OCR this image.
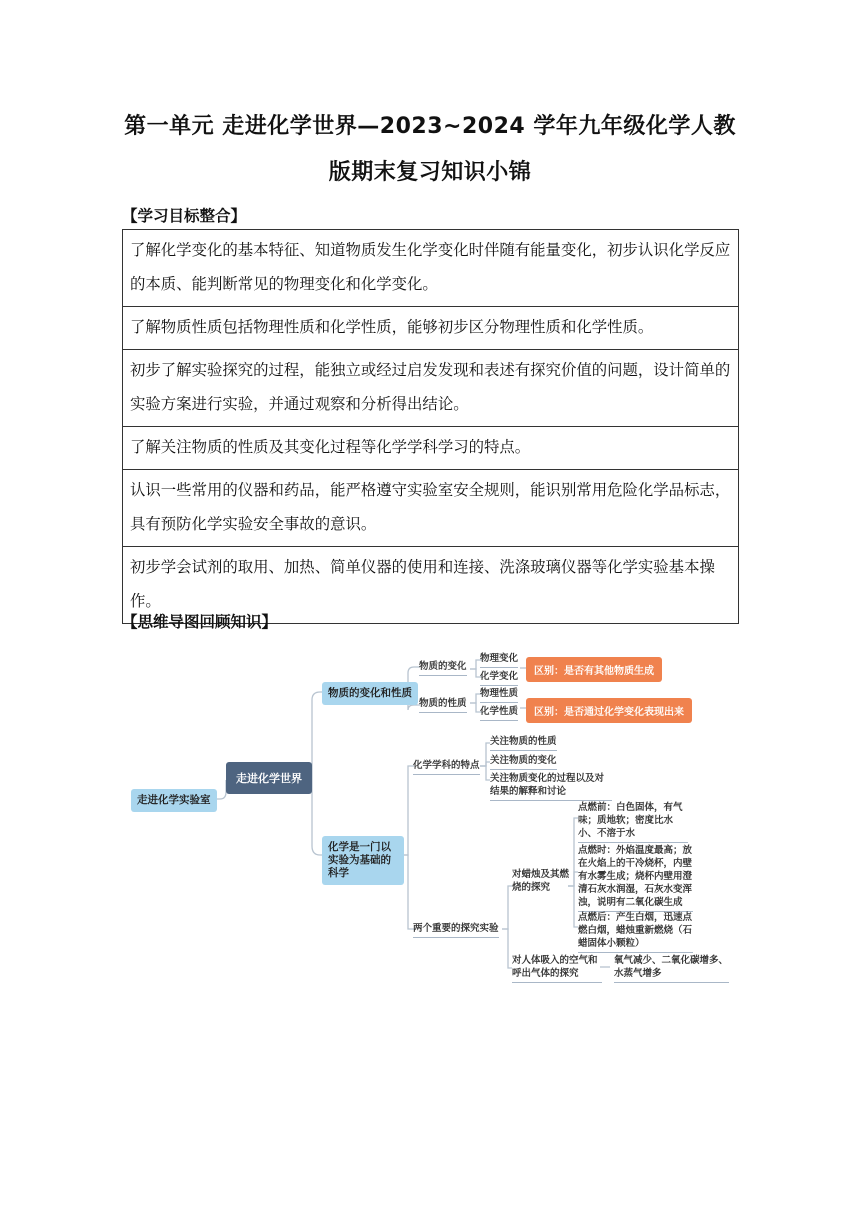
第一单元 走进化学世界—2023~2024 学年九年级化学人教
版期末复习知识小锦
【学习目标整合】
了解化学变化的基本特征、知道物质发生化学变化时伴随有能量变化，初步认识化学反应的本质、能判断常见的物理变化和化学变化。
了解物质性质包括物理性质和化学性质，能够初步区分物理性质和化学性质。
初步了解实验探究的过程，能独立或经过启发发现和表述有探究价值的问题，设计简单的实验方案进行实验，并通过观察和分析得出结论。
了解关注物质的性质及其变化过程等化学学科学习的特点。
认识一些常用的仪器和药品，能严格遵守实验室安全规则，能识别常用危险化学品标志，具有预防化学实验安全事故的意识。
初步学会试剂的取用、加热、简单仪器的使用和连接、洗涤玻璃仪器等化学实验基本操作。
【思维导图回顾知识】
走进化学实验室
走进化学世界
物质的变化和性质
化学是一门以实验为基础的科学
物质的变化
物质的性质
物理变化
化学变化
物理性质
化学性质
区别：是否有其他物质生成
区别：是否通过化学变化表现出来
化学学科的特点
关注物质的性质
关注物质的变化
关注物质变化的过程以及对结果的解释和讨论
两个重要的探究实验
对蜡烛及其燃烧的探究
点燃前：白色固体，有气味；质地软；密度比水小、不溶于水
点燃时：外焰温度最高；放在火焰上的干冷烧杯，内壁有水雾生成；烧杯内壁用澄清石灰水润湿，石灰水变浑浊，说明有二氧化碳生成
点燃后：产生白烟，迅速点燃白烟，蜡烛重新燃烧（石蜡固体小颗粒）
对人体吸入的空气和呼出气体的探究
氧气减少、二氧化碳增多、水蒸气增多
